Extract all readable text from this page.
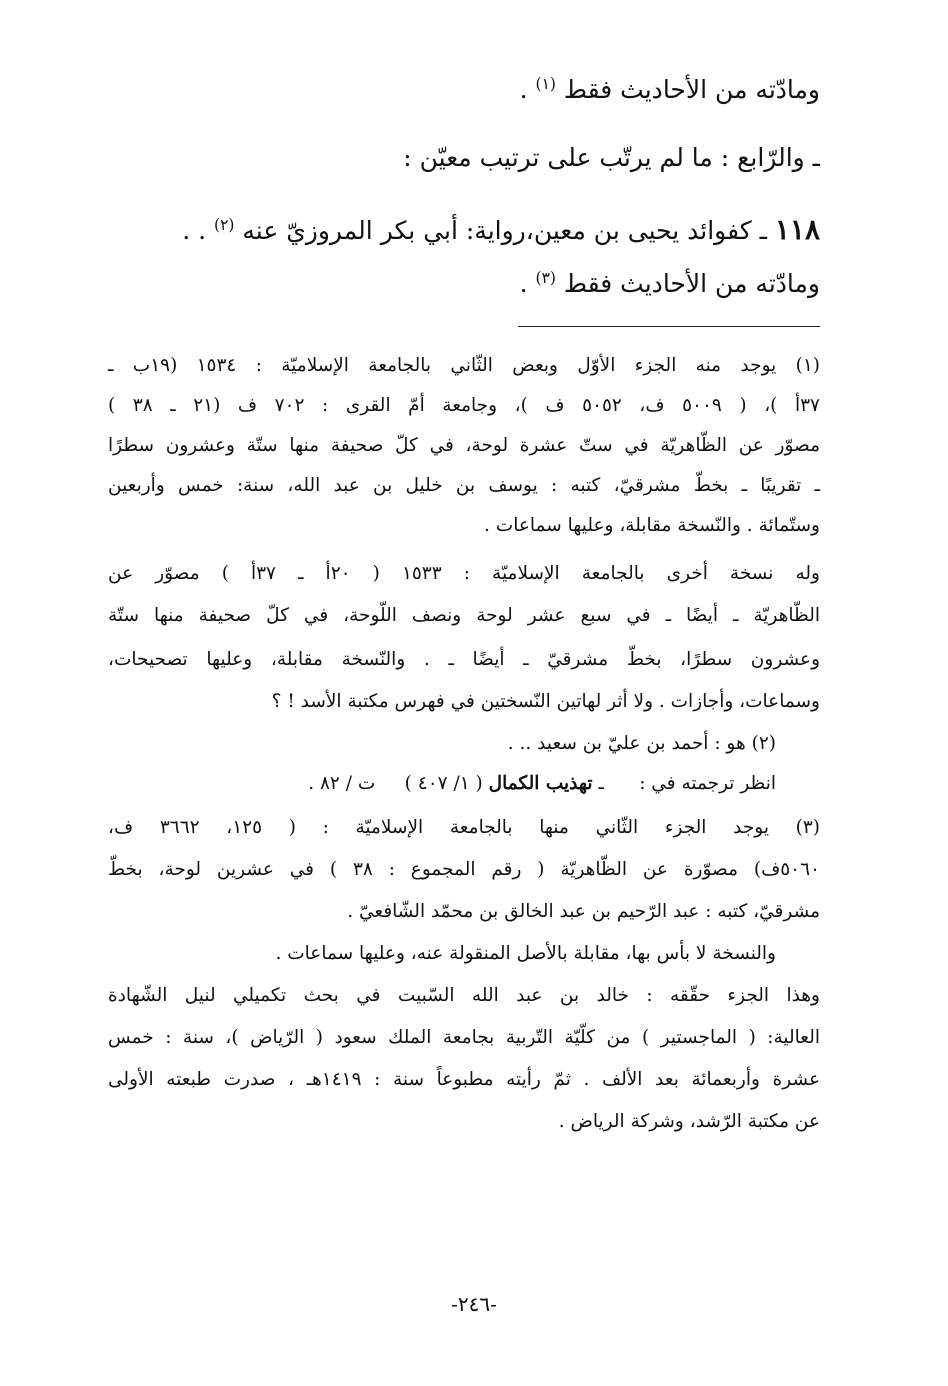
ومادّته من الأحاديث فقط $^{(١)}$ .
ـ والرّابع : ما لم يرتّب على ترتيب معيّن :
١١٨ ـ كفوائد يحيى بن معين،رواية: أبي بكر المروزيّ عنه $^{(٢)}$ . .
ومادّته من الأحاديث فقط $^{(٣)}$ .
(١) يوجد منه الجزء الأوّل وبعض الثّاني بالجامعة الإسلاميّة : ١٥٣٤ (١٩ب ـ
٣٧أ )، ( ٥٠٠٩ ف، ٥٠٥٢ ف )، وجامعة أمّ القرى : ٧٠٢ ف (٢١ ـ ٣٨ )
مصوّر عن الظّاهريّة في ستّ عشرة لوحة، في كلّ صحيفة منها ستّة وعشرون سطرًا
ـ تقريبًا ـ بخطّ مشرقيّ، كتبه : يوسف بن خليل بن عبد الله، سنة: خمس وأربعين
وستّمائة . والنّسخة مقابلة، وعليها سماعات .
وله نسخة أخرى بالجامعة الإسلاميّة : ١٥٣٣ ( ٢٠أ ـ ٣٧أ ) مصوّر عن
الظّاهريّة ـ أيضًا ـ في سبع عشر لوحة ونصف اللّوحة، في كلّ صحيفة منها ستّة
وعشرون سطرًا، بخطّ مشرقيّ ـ أيضًا ـ . والنّسخة مقابلة، وعليها تصحيحات،
وسماعات، وأجازات . ولا أثر لهاتين النّسختين في فهرس مكتبة الأسد ! ؟
(٢) هو : أحمد بن عليّ بن سعيد .. .
انظر ترجمته في :      ـ تهذيب الكمال ( ١/ ٤٠٧ )     ت / ٨٢ .
(٣) يوجد الجزء الثّاني منها بالجامعة الإسلاميّة : ( ١٢٥، ٣٦٦٢ ف،
٥٠٦٠ف) مصوّرة عن الظّاهريّة ( رقم المجموع : ٣٨ ) في عشرين لوحة، بخطّ
مشرقيّ، كتبه : عبد الرّحيم بن عبد الخالق بن محمّد الشّافعيّ .
والنسخة لا بأس بها، مقابلة بالأصل المنقولة عنه، وعليها سماعات .
وهذا الجزء حقّقه : خالد بن عبد الله السّبيت في بحث تكميلي لنيل الشّهادة
العالية: ( الماجستير ) من كلّيّة التّربية بجامعة الملك سعود ( الرّياض )، سنة : خمس
عشرة وأربعمائة بعد الألف . ثمّ رأيته مطبوعاً سنة : ١٤١٩هـ ، صدرت طبعته الأولى
عن مكتبة الرّشد، وشركة الرياض .
-٢٤٦-
